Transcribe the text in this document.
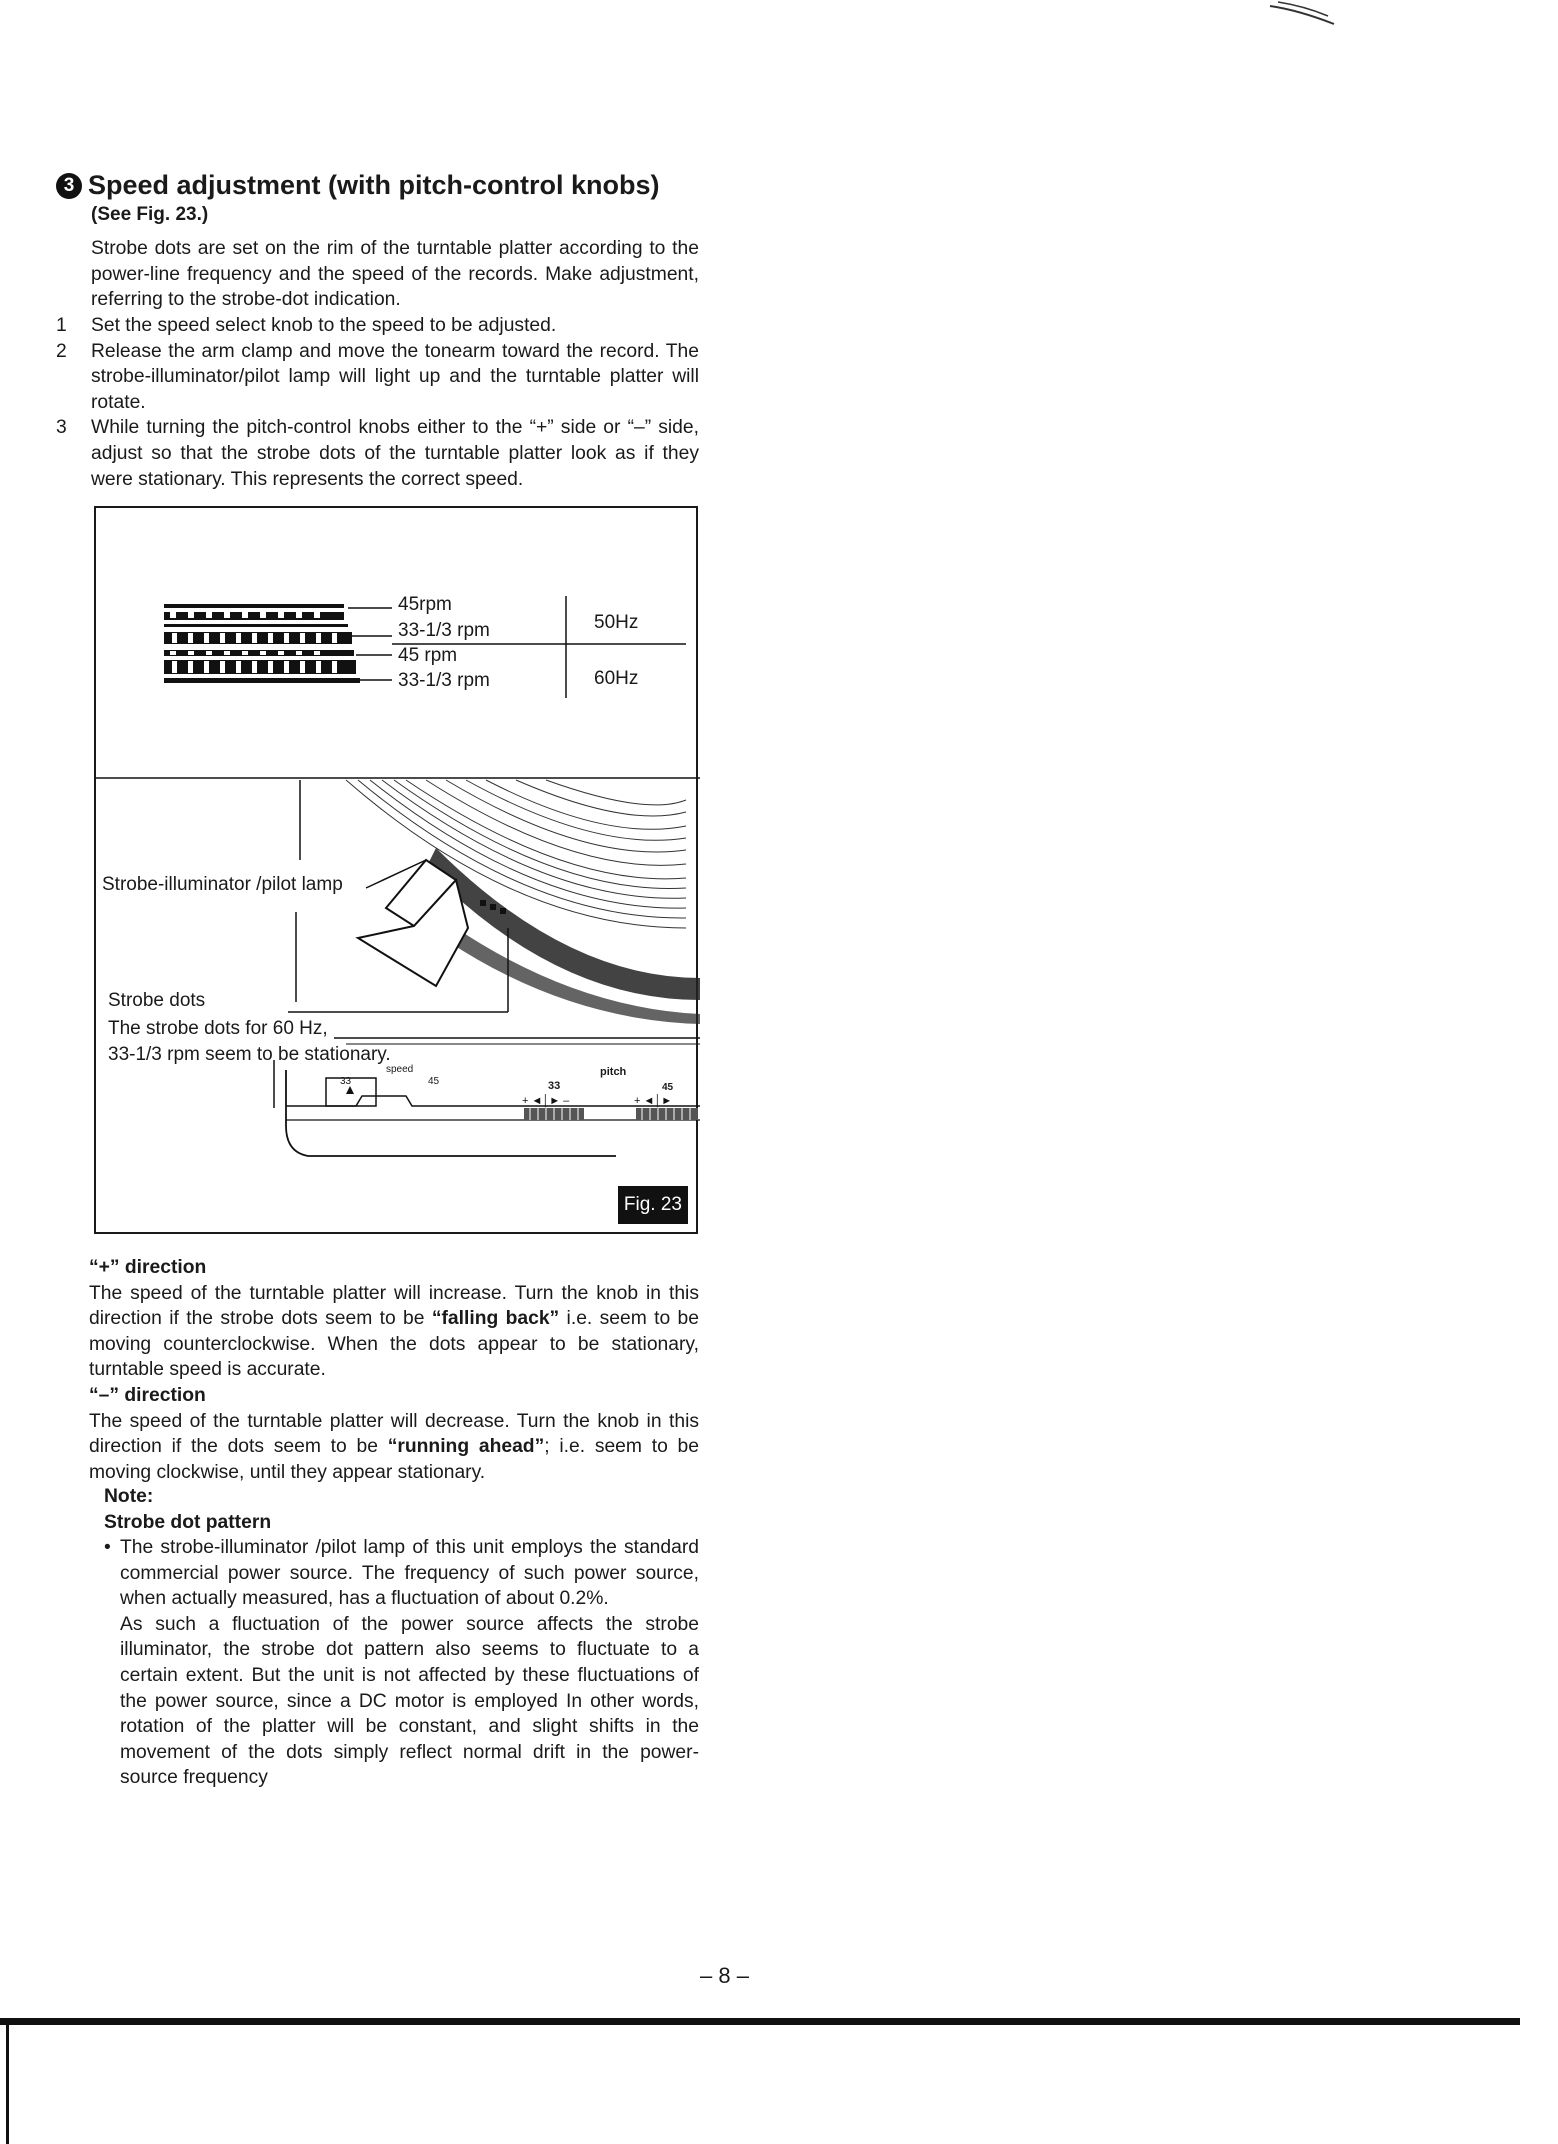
3 Speed adjustment (with pitch-control knobs)
(See Fig. 23.)

Strobe dots are set on the rim of the turntable platter according to the power-line frequency and the speed of the records. Make adjustment, referring to the strobe-dot indication.

1	Set the speed select knob to the speed to be adjusted.
2	Release the arm clamp and move the tonearm toward the record. The strobe-illuminator/pilot lamp will light up and the turntable platter will rotate.
3	While turning the pitch-control knobs either to the “+” side or “–” side, adjust so that the strobe dots of the turntable platter look as if they were stationary. This represents the correct speed.
+ ◄│► –	+ ◄│►
45rpm
33-1/3 rpm
45 rpm
33-1/3 rpm
50Hz
60Hz
Strobe-illuminator /pilot lamp
Strobe dots
The strobe dots for 60 Hz,
33-1/3 rpm seem to be stationary.
speed
33	45
pitch
33	45
Fig. 23

“+” direction

The speed of the turntable platter will increase. Turn the knob in this direction if the strobe dots seem to be “falling back” i.e. seem to be moving counterclockwise. When the dots appear to be stationary, turntable speed is accurate.

“–” direction

The speed of the turntable platter will decrease. Turn the knob in this direction if the dots seem to be “running ahead”; i.e. seem to be moving clockwise, until they appear stationary.

Note:

Strobe dot pattern

• The strobe-illuminator /pilot lamp of this unit employs the standard commercial power source. The frequency of such power source, when actually measured, has a fluctuation of about 0.2%.

As such a fluctuation of the power source affects the strobe illuminator, the strobe dot pattern also seems to fluctuate to a certain extent. But the unit is not affected by these fluctuations of the power source, since a DC motor is employed In other words, rotation of the platter will be constant, and slight shifts in the movement of the dots simply reflect normal drift in the power-source frequency

– 8 –
